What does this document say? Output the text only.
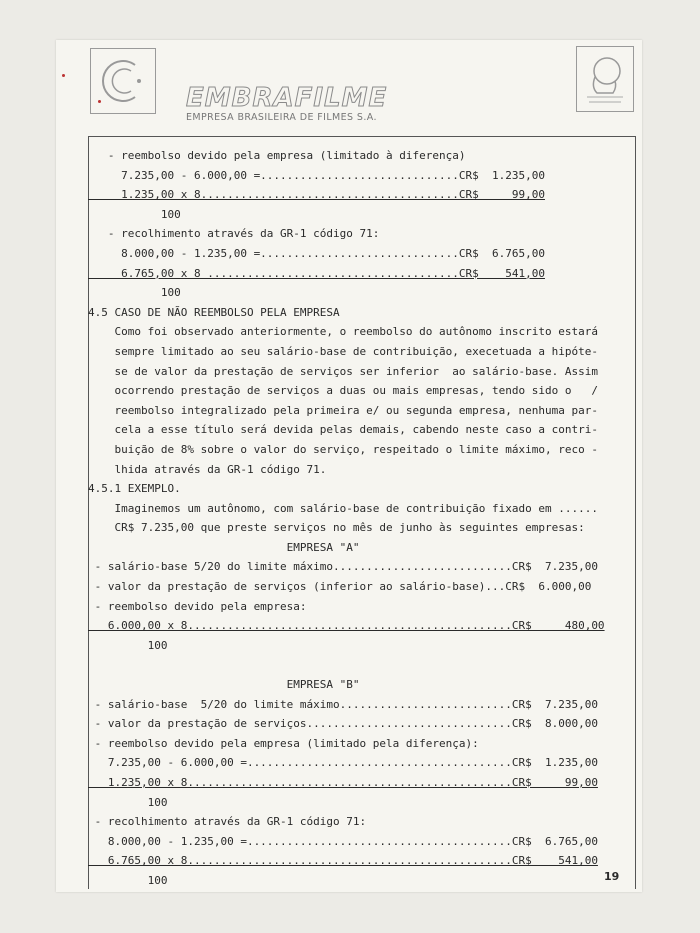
EMBRAFILME
EMPRESA BRASILEIRA DE FILMES S.A.
- reembolso devido pela empresa (limitado à diferença)
7.235,00 - 6.000,00 =..............................CR$  1.235,00
1.235,00 x 8.......................................CR$     99,00
100
- recolhimento através da GR-1 código 71:
8.000,00 - 1.235,00 =..............................CR$  6.765,00
6.765,00 x 8 ......................................CR$    541,00
100
4.5 CASO DE NÃO REEMBOLSO PELA EMPRESA
Como foi observado anteriormente, o reembolso do autônomo inscrito estará
sempre limitado ao seu salário-base de contribuição, execetuada a hipóte-
se de valor da prestação de serviços ser inferior  ao salário-base. Assim
ocorrendo prestação de serviços a duas ou mais empresas, tendo sido o   /
reembolso integralizado pela primeira e/ ou segunda empresa, nenhuma par-
cela a esse título será devida pelas demais, cabendo neste caso a contri-
buição de 8% sobre o valor do serviço, respeitado o limite máximo, reco -
lhida através da GR-1 código 71.
4.5.1 EXEMPLO.
Imaginemos um autônomo, com salário-base de contribuição fixado em ......
CR$ 7.235,00 que preste serviços no mês de junho às seguintes empresas:
EMPRESA "A"
- salário-base 5/20 do limite máximo...........................CR$  7.235,00
- valor da prestação de serviços (inferior ao salário-base)...CR$  6.000,00
- reembolso devido pela empresa:
6.000,00 x 8.................................................CR$     480,00
100
EMPRESA "B"
- salário-base  5/20 do limite máximo..........................CR$  7.235,00
- valor da prestação de serviços...............................CR$  8.000,00
- reembolso devido pela empresa (limitado pela diferença):
7.235,00 - 6.000,00 =........................................CR$  1.235,00
1.235,00 x 8.................................................CR$     99,00
100
- recolhimento através da GR-1 código 71:
8.000,00 - 1.235,00 =........................................CR$  6.765,00
6.765,00 x 8.................................................CR$    541,00
100	19
